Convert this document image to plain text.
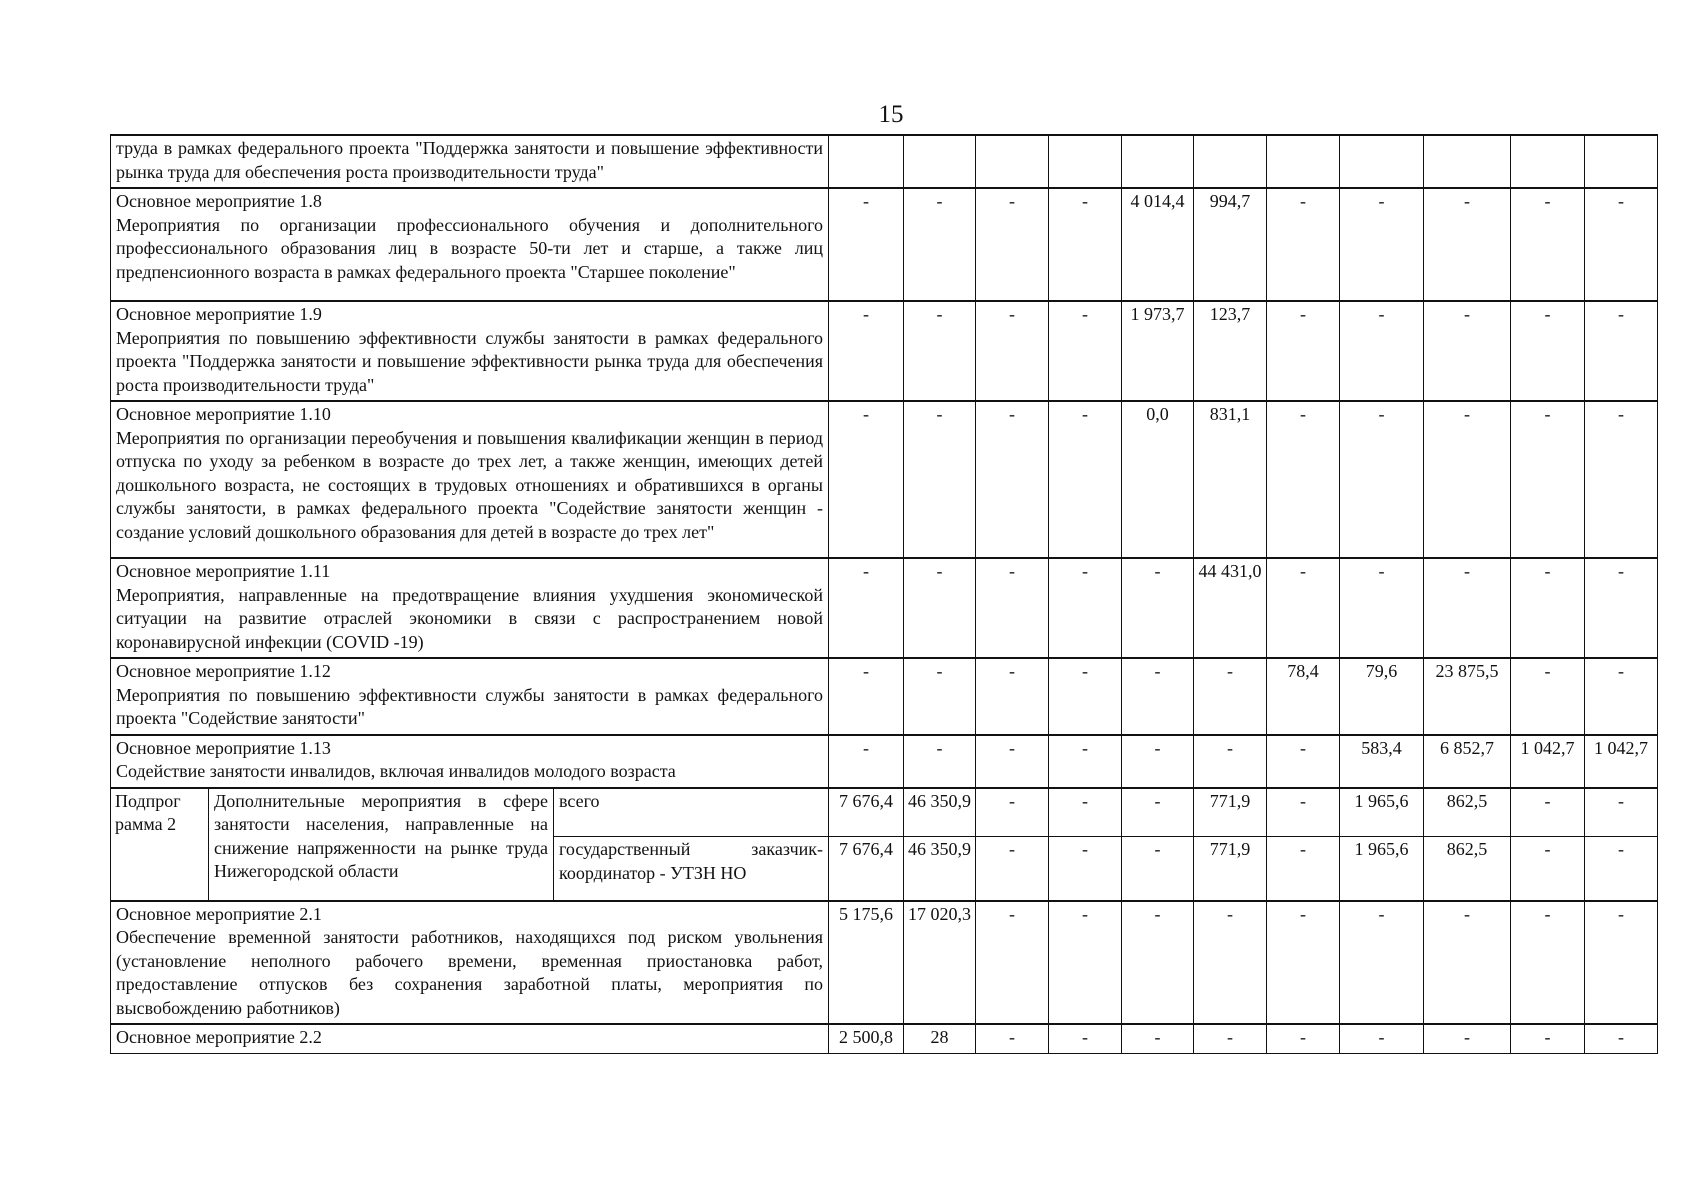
15
труда в рамках федерального проекта "Поддержка занятости и повышение эффективности рынка труда для обеспечения роста производительности труда"													

Основное мероприятие 1.8
Мероприятия по организации профессионального обучения и дополнительного профессионального образования лиц в возрасте 50-ти лет и старше, а также лиц предпенсионного возраста в рамках федерального проекта "Старшее поколение"			-	-	-	-	4 014,4	994,7	-	-	-	-	-

Основное мероприятие 1.9
Мероприятия по повышению эффективности службы занятости в рамках федерального проекта "Поддержка занятости и повышение эффективности рынка труда для обеспечения роста производительности труда"			-	-	-	-	1 973,7	123,7	-	-	-	-	-

Основное мероприятие 1.10
Мероприятия по организации переобучения и повышения квалификации женщин в период отпуска по уходу за ребенком в возрасте до трех лет, а также женщин, имеющих детей дошкольного возраста, не состоящих в трудовых отношениях и обратившихся в органы службы занятости, в рамках федерального проекта "Содействие занятости женщин - создание условий дошкольного образования для детей в возрасте до трех лет"			-	-	-	-	0,0	831,1	-	-	-	-	-

Основное мероприятие 1.11
Мероприятия, направленные на предотвращение влияния ухудшения экономической ситуации на развитие отраслей экономики в связи с распространением новой коронавирусной инфекции (COVID -19)			-	-	-	-	-	44 431,0	-	-	-	-	-

Основное мероприятие 1.12
Мероприятия по повышению эффективности службы занятости в рамках федерального проекта "Содействие занятости"			-	-	-	-	-	-	78,4	79,6	23 875,5	-	-

Основное мероприятие 1.13
Содействие занятости инвалидов, включая инвалидов молодого возраста			-	-	-	-	-	-	-	583,4	6 852,7	1 042,7	1 042,7
Подпрог рамма 2	Дополнительные мероприятия в сфере занятости населения, направленные на снижение напряженности на рынке труда Нижегородской области	всего	7 676,4	46 350,9	-	-	-	771,9	-	1 965,6	862,5	-	-
		государственный заказчик-координатор - УТЗН НО	7 676,4	46 350,9	-	-	-	771,9	-	1 965,6	862,5	-	-

Основное мероприятие 2.1
Обеспечение временной занятости работников, находящихся под риском увольнения (установление неполного рабочего времени, временная приостановка работ, предоставление отпусков без сохранения заработной платы, мероприятия по высвобождению работников)			5 175,6	17 020,3	-	-	-	-	-	-	-	-	-

Основное мероприятие 2.2			2 500,8	28	-	-	-	-	-	-	-	-	-
